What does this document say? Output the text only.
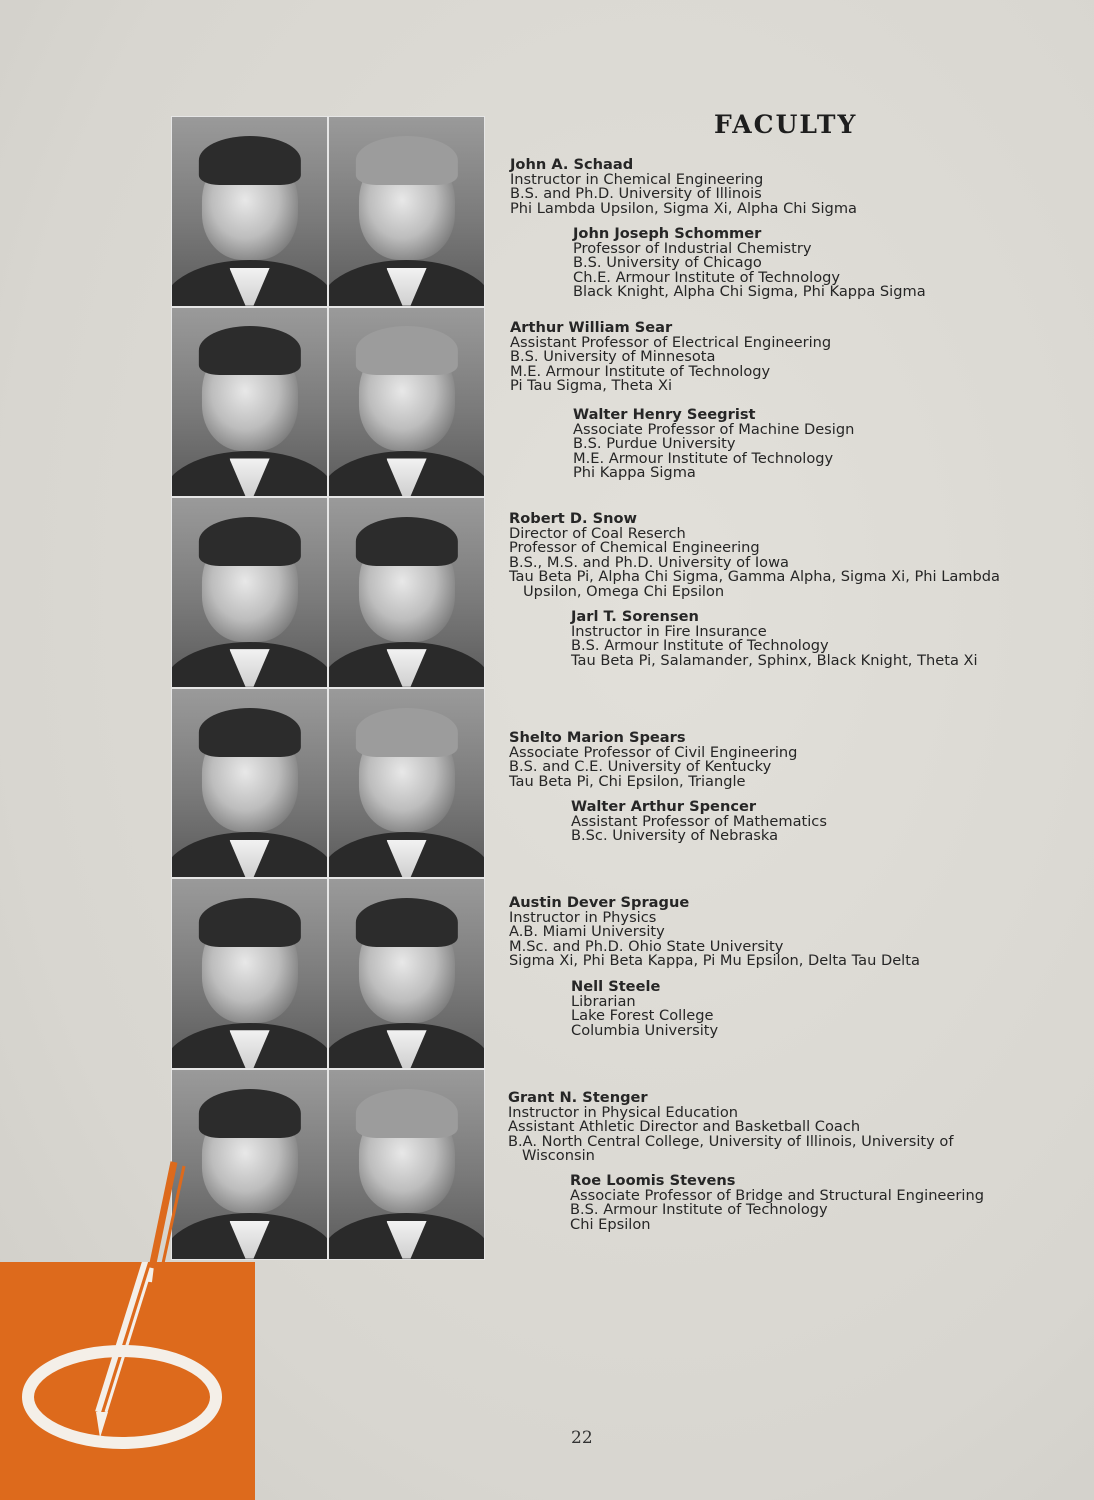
FACULTY
John A. Schaad
Instructor in Chemical Engineering
B.S. and Ph.D. University of Illinois
Phi Lambda Upsilon, Sigma Xi, Alpha Chi Sigma
John Joseph Schommer
Professor of Industrial Chemistry
B.S. University of Chicago
Ch.E. Armour Institute of Technology
Black Knight, Alpha Chi Sigma, Phi Kappa Sigma
Arthur William Sear
Assistant Professor of Electrical Engineering
B.S. University of Minnesota
M.E. Armour Institute of Technology
Pi Tau Sigma, Theta Xi
Walter Henry Seegrist
Associate Professor of Machine Design
B.S. Purdue University
M.E. Armour Institute of Technology
Phi Kappa Sigma
Robert D. Snow
Director of Coal Reserch
Professor of Chemical Engineering
B.S., M.S. and Ph.D. University of Iowa
Tau Beta Pi, Alpha Chi Sigma, Gamma Alpha, Sigma Xi, Phi Lambda
Upsilon, Omega Chi Epsilon
Jarl T. Sorensen
Instructor in Fire Insurance
B.S. Armour Institute of Technology
Tau Beta Pi, Salamander, Sphinx, Black Knight, Theta Xi
Shelto Marion Spears
Associate Professor of Civil Engineering
B.S. and C.E. University of Kentucky
Tau Beta Pi, Chi Epsilon, Triangle
Walter Arthur Spencer
Assistant Professor of Mathematics
B.Sc. University of Nebraska
Austin Dever Sprague
Instructor in Physics
A.B. Miami University
M.Sc. and Ph.D. Ohio State University
Sigma Xi, Phi Beta Kappa, Pi Mu Epsilon, Delta Tau Delta
Nell Steele
Librarian
Lake Forest College
Columbia University
Grant N. Stenger
Instructor in Physical Education
Assistant Athletic Director and Basketball Coach
B.A. North Central College, University of Illinois, University of
Wisconsin
Roe Loomis Stevens
Associate Professor of Bridge and Structural Engineering
B.S. Armour Institute of Technology
Chi Epsilon
22
